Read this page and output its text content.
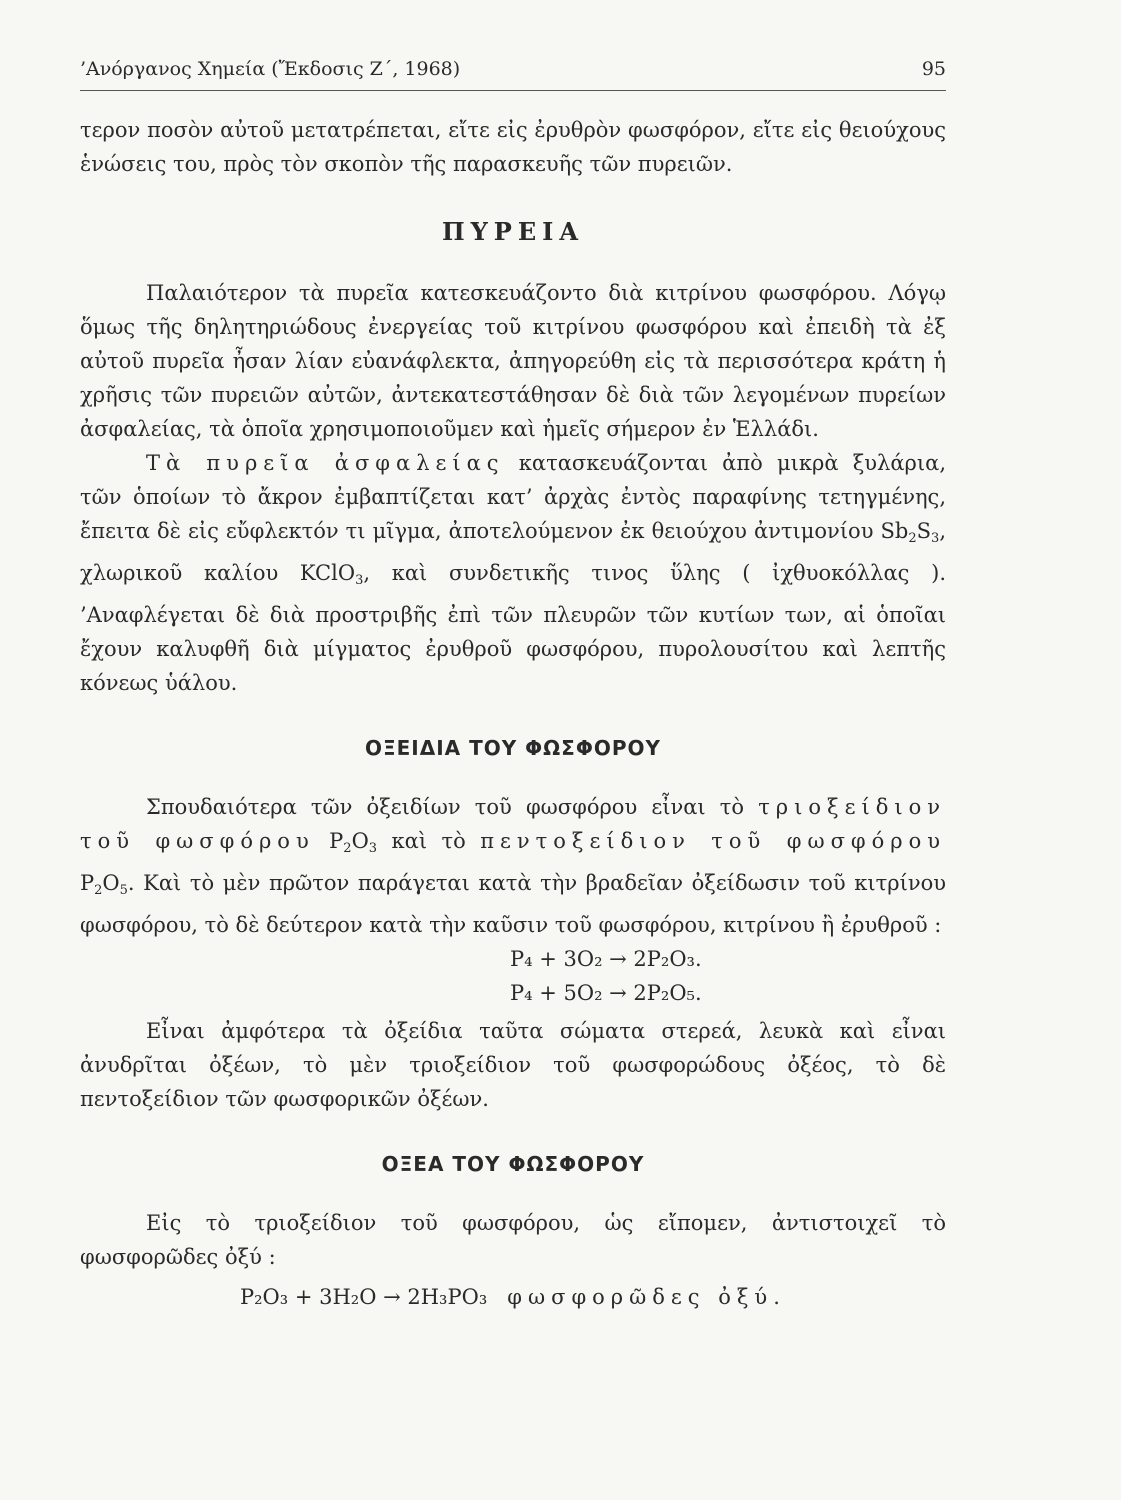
’Ανόργανος Χημεία (Ἔκδοσις Ζ΄, 1968)	95

τερον ποσὸν αὐτοῦ μετατρέπεται, εἴτε εἰς ἐρυθρὸν φωσφόρον, εἴτε εἰς θειούχους ἑνώσεις του, πρὸς τὸν σκοπὸν τῆς παρασκευῆς τῶν πυρειῶν.

ΠΥΡΕΙΑ

Παλαιότερον τὰ πυρεῖα κατεσκευάζοντο διὰ κιτρίνου φωσφόρου. Λόγῳ ὅμως τῆς δηλητηριώδους ἐνεργείας τοῦ κιτρίνου φωσφόρου καὶ ἐπειδὴ τὰ ἐξ αὐτοῦ πυρεῖα ἦσαν λίαν εὐανάφλεκτα, ἀπηγορεύθη εἰς τὰ περισσότερα κράτη ἡ χρῆσις τῶν πυρειῶν αὐτῶν, ἀντεκατεστάθησαν δὲ διὰ τῶν λεγομένων πυρείων ἀσφαλείας, τὰ ὁποῖα χρησιμοποιοῦμεν καὶ ἡμεῖς σήμερον ἐν Ἑλλάδι.

Τὰ πυρεῖα ἀσφαλείας κατασκευάζονται ἀπὸ μικρὰ ξυλάρια, τῶν ὁποίων τὸ ἄκρον ἐμβαπτίζεται κατ’ ἀρχὰς ἐντὸς παραφίνης τετηγμένης, ἔπειτα δὲ εἰς εὔφλεκτόν τι μῖγμα, ἀποτελούμενον ἐκ θειούχου ἀντιμονίου $Sb_2S_3$, χλωρικοῦ καλίου KClO$_3$, καὶ συνδετικῆς τινος ὕλης ( ἰχθυοκόλλας ). ’Αναφλέγεται δὲ διὰ προστριβῆς ἐπὶ τῶν πλευρῶν τῶν κυτίων των, αἱ ὁποῖαι ἔχουν καλυφθῆ διὰ μίγματος ἐρυθροῦ φωσφόρου, πυρολουσίτου καὶ λεπτῆς κόνεως ὑάλου.

ΟΞΕΙΔΙΑ ΤΟΥ ΦΩΣΦΟΡΟΥ

Σπουδαιότερα τῶν ὀξειδίων τοῦ φωσφόρου εἶναι τὸ τριοξείδιον τοῦ φωσφόρου $P_2O_3$ καὶ τὸ πεντοξείδιον τοῦ φωσφόρου $P_2O_5$. Καὶ τὸ μὲν πρῶτον παράγεται κατὰ τὴν βραδεῖαν ὀξείδωσιν τοῦ κιτρίνου φωσφόρου, τὸ δὲ δεύτερον κατὰ τὴν καῦσιν τοῦ φωσφόρου, κιτρίνου ἢ ἐρυθροῦ :

P₄ + 3O₂ → 2P₂O₃.
P₄ + 5O₂ → 2P₂O₅.

Εἶναι ἀμφότερα τὰ ὀξείδια ταῦτα σώματα στερεά, λευκὰ καὶ εἶναι ἀνυδρῖται ὀξέων, τὸ μὲν τριοξείδιον τοῦ φωσφορώδους ὀξέος, τὸ δὲ πεντοξείδιον τῶν φωσφορικῶν ὀξέων.

ΟΞΕΑ ΤΟΥ ΦΩΣΦΟΡΟΥ

Εἰς τὸ τριοξείδιον τοῦ φωσφόρου, ὡς εἴπομεν, ἀντιστοιχεῖ τὸ φωσφορῶδες ὀξύ :

P₂O₃ + 3H₂O → 2H₃PO₃ φωσφορῶδες ὀξύ.
